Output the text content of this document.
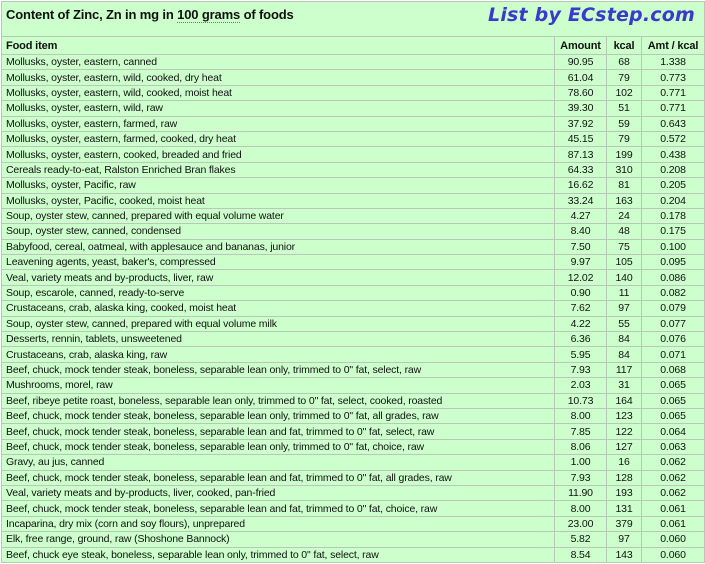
Content of Zinc, Zn in mg in 100 grams of foods			

Food item	Amount	kcal	Amt / kcal
Mollusks, oyster, eastern, canned	90.95	68	1.338
Mollusks, oyster, eastern, wild, cooked, dry heat	61.04	79	0.773
Mollusks, oyster, eastern, wild, cooked, moist heat	78.60	102	0.771
Mollusks, oyster, eastern, wild, raw	39.30	51	0.771
Mollusks, oyster, eastern, farmed, raw	37.92	59	0.643
Mollusks, oyster, eastern, farmed, cooked, dry heat	45.15	79	0.572
Mollusks, oyster, eastern, cooked, breaded and fried	87.13	199	0.438
Cereals ready-to-eat, Ralston Enriched Bran flakes	64.33	310	0.208
Mollusks, oyster, Pacific, raw	16.62	81	0.205
Mollusks, oyster, Pacific, cooked, moist heat	33.24	163	0.204
Soup, oyster stew, canned, prepared with equal volume water	4.27	24	0.178
Soup, oyster stew, canned, condensed	8.40	48	0.175
Babyfood, cereal, oatmeal, with applesauce and bananas, junior	7.50	75	0.100
Leavening agents, yeast, baker's, compressed	9.97	105	0.095
Veal, variety meats and by-products, liver, raw	12.02	140	0.086
Soup, escarole, canned, ready-to-serve	0.90	11	0.082
Crustaceans, crab, alaska king, cooked, moist heat	7.62	97	0.079
Soup, oyster stew, canned, prepared with equal volume milk	4.22	55	0.077
Desserts, rennin, tablets, unsweetened	6.36	84	0.076
Crustaceans, crab, alaska king, raw	5.95	84	0.071
Beef, chuck, mock tender steak, boneless, separable lean only, trimmed to 0" fat, select, raw	7.93	117	0.068
Mushrooms, morel, raw	2.03	31	0.065
Beef, ribeye petite roast, boneless, separable lean only, trimmed to 0" fat, select, cooked, roasted	10.73	164	0.065
Beef, chuck, mock tender steak, boneless, separable lean only, trimmed to 0" fat, all grades, raw	8.00	123	0.065
Beef, chuck, mock tender steak, boneless, separable lean and fat, trimmed to 0" fat, select, raw	7.85	122	0.064
Beef, chuck, mock tender steak, boneless, separable lean only, trimmed to 0" fat, choice, raw	8.06	127	0.063
Gravy, au jus, canned	1.00	16	0.062
Beef, chuck, mock tender steak, boneless, separable lean and fat, trimmed to 0" fat, all grades, raw	7.93	128	0.062
Veal, variety meats and by-products, liver, cooked, pan-fried	11.90	193	0.062
Beef, chuck, mock tender steak, boneless, separable lean and fat, trimmed to 0" fat, choice, raw	8.00	131	0.061
Incaparina, dry mix (corn and soy flours), unprepared	23.00	379	0.061
Elk, free range, ground, raw (Shoshone Bannock)	5.82	97	0.060
Beef, chuck eye steak, boneless, separable lean only, trimmed to 0" fat, select, raw	8.54	143	0.060
List by ECstep.com
